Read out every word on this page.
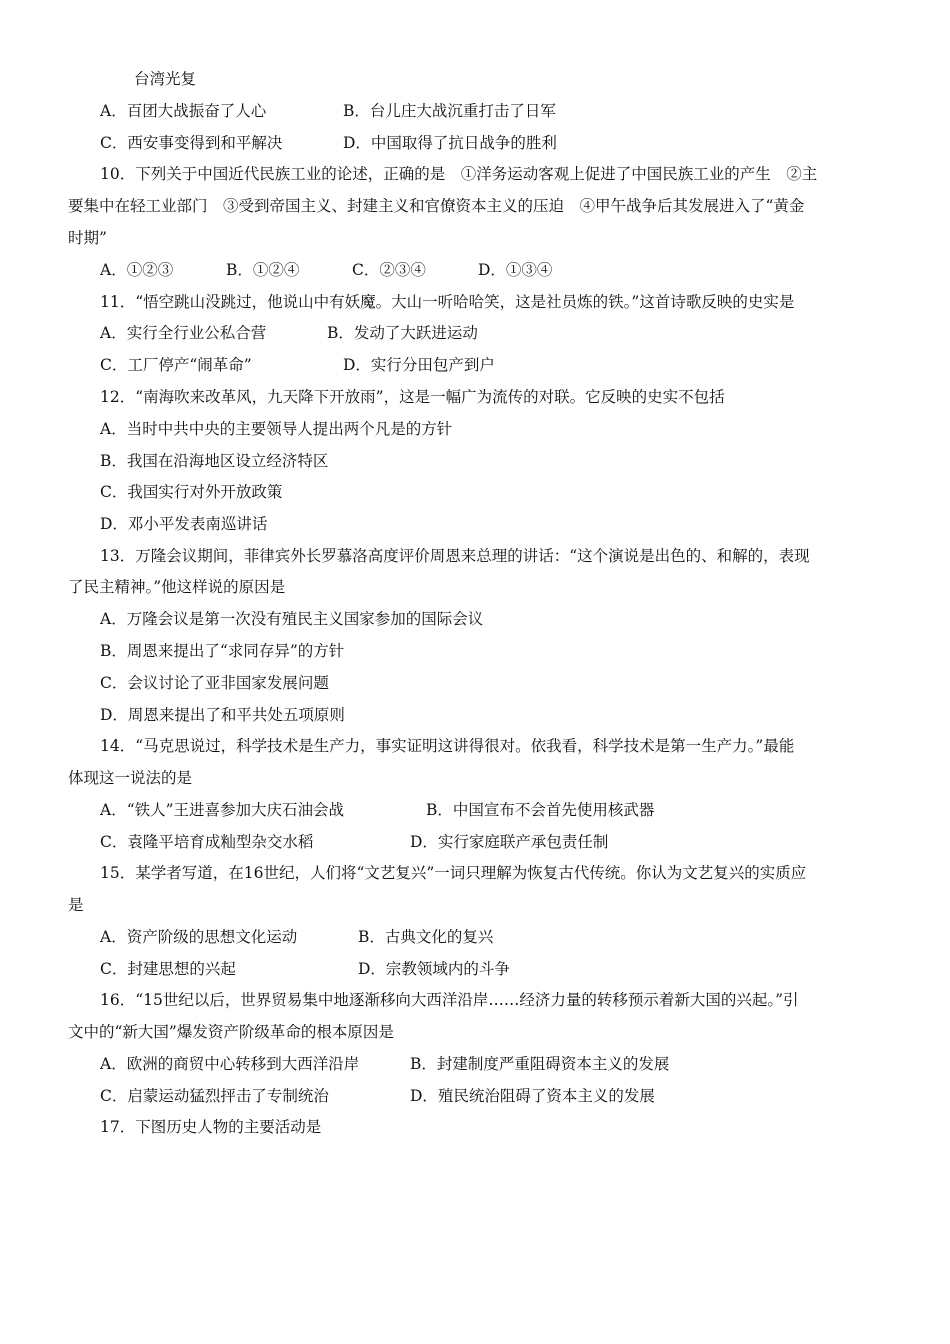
台湾光复
A．百团大战振奋了人心	B．台儿庄大战沉重打击了日军
C．西安事变得到和平解决	D．中国取得了抗日战争的胜利
10．下列关于中国近代民族工业的论述，正确的是　①洋务运动客观上促进了中国民族工业的产生　②主
要集中在轻工业部门　③受到帝国主义、封建主义和官僚资本主义的压迫　④甲午战争后其发展进入了“黄金
时期”
A．①②③	B．①②④	C．②③④	D．①③④
11．“悟空跳山没跳过，他说山中有妖魔。大山一听哈哈笑，这是社员炼的铁。”这首诗歌反映的史实是
A．实行全行业公私合营	B．发动了大跃进运动
C．工厂停产“闹革命”	D．实行分田包产到户
12．“南海吹来改革风，九天降下开放雨”，这是一幅广为流传的对联。它反映的史实不包括
A．当时中共中央的主要领导人提出两个凡是的方针
B．我国在沿海地区设立经济特区
C．我国实行对外开放政策
D．邓小平发表南巡讲话
13．万隆会议期间，菲律宾外长罗慕洛高度评价周恩来总理的讲话：“这个演说是出色的、和解的，表现
了民主精神。”他这样说的原因是
A．万隆会议是第一次没有殖民主义国家参加的国际会议
B．周恩来提出了“求同存异”的方针
C．会议讨论了亚非国家发展问题
D．周恩来提出了和平共处五项原则
14．“马克思说过，科学技术是生产力，事实证明这讲得很对。依我看，科学技术是第一生产力。”最能
体现这一说法的是
A．“铁人”王进喜参加大庆石油会战	B．中国宣布不会首先使用核武器
C．袁隆平培育成籼型杂交水稻	D．实行家庭联产承包责任制
15．某学者写道，在16世纪，人们将“文艺复兴”一词只理解为恢复古代传统。你认为文艺复兴的实质应
是
A．资产阶级的思想文化运动	B．古典文化的复兴
C．封建思想的兴起	D．宗教领域内的斗争
16．“15世纪以后，世界贸易集中地逐渐移向大西洋沿岸……经济力量的转移预示着新大国的兴起。”引
文中的“新大国”爆发资产阶级革命的根本原因是
A．欧洲的商贸中心转移到大西洋沿岸	B．封建制度严重阻碍资本主义的发展
C．启蒙运动猛烈抨击了专制统治	D．殖民统治阻碍了资本主义的发展
17．下图历史人物的主要活动是
